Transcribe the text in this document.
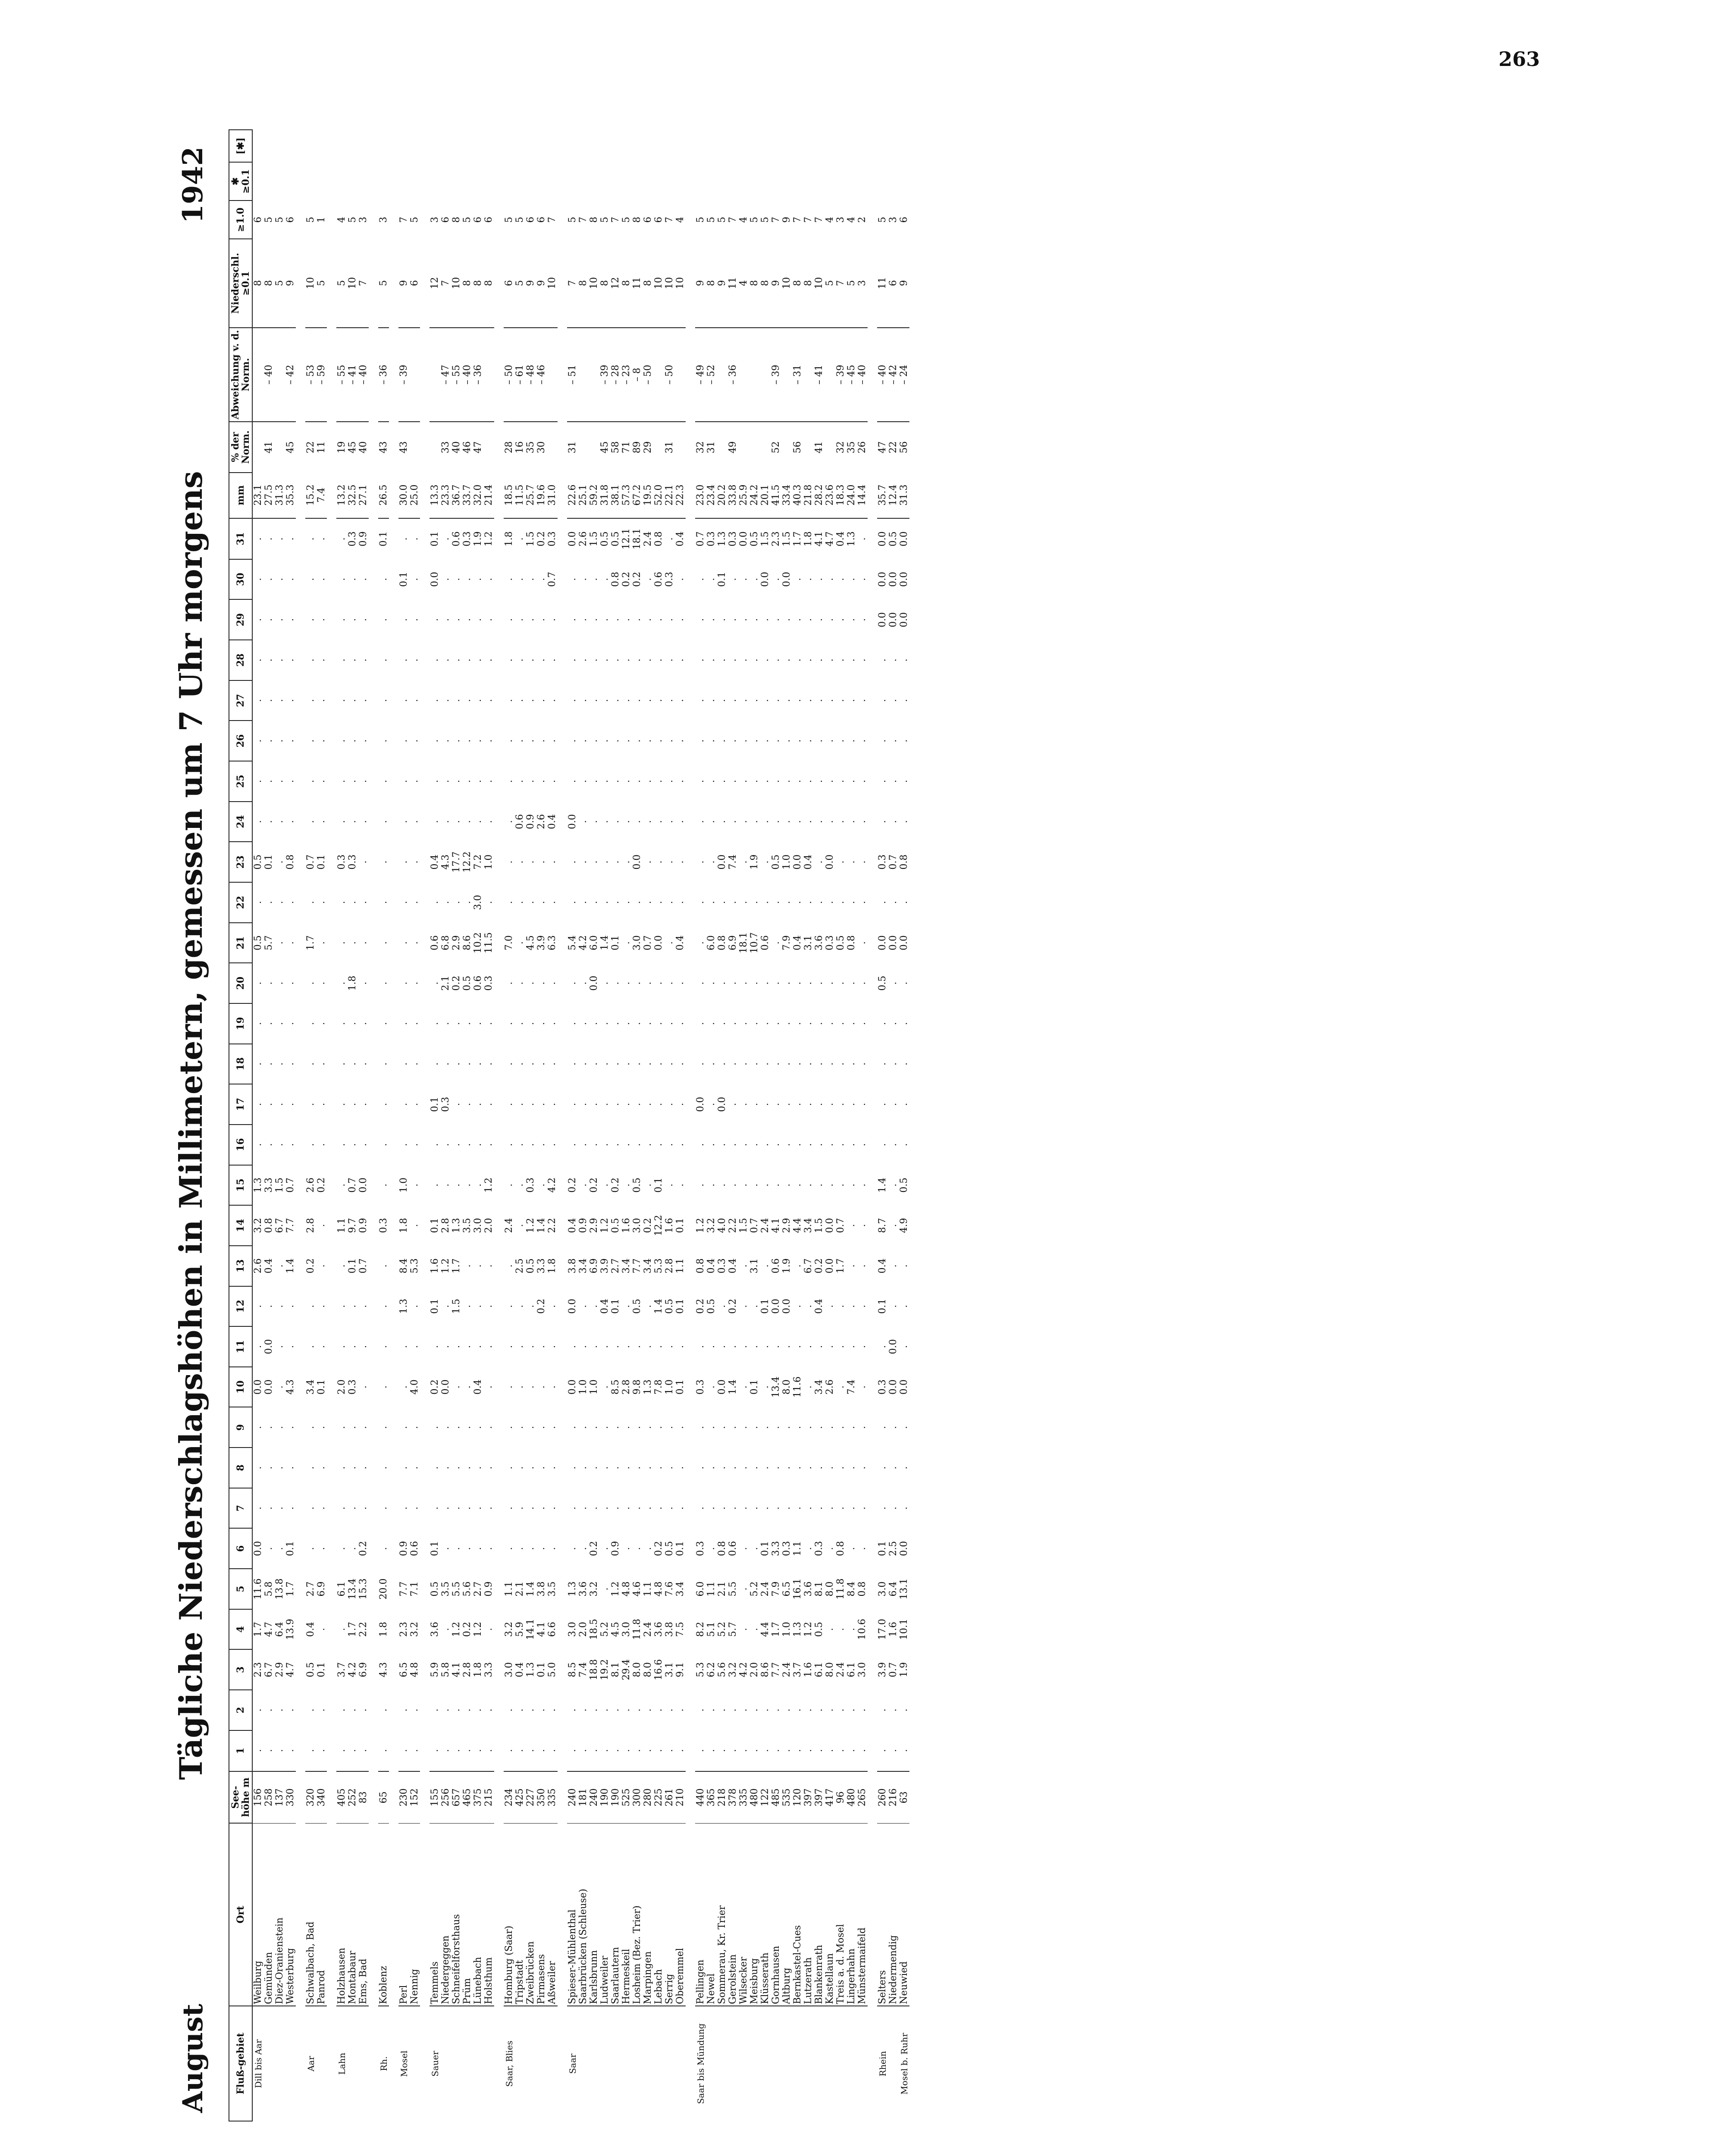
263
August
Tägliche Niederschlagshöhen in Millimetern, gemessen um 7 Uhr morgens
1942
Fluß-gebiet	Ort	See-höhe m	1	2	3	4	5	6	7	8	9	10	11	12	13	14	15	16	17	18	19	20	21	22	23	24	25	26	27	28	29	30	31	mm	% der Norm.	Abweichung v. d. Norm.	Niederschl. ≥0.1	≥1.0	✱ ≥0.1	[✱]
Dill bis Aar	Weilburg	156	.	.	2.3	1.7	11.6	0.0	.	.	.	0.0	.	.	2.6	3.2	1.3	.	.	.	.	.	0.5	.	0.5	.	.	.	.	.	.	.	.	23.1			8	6		
	Gemünden	258	.	.	6.7	4.7	5.8	.	.	.	.	0.0	0.0	.	0.4	0.8	3.3	.	.	.	.	.	5.7	.	0.1	.	.	.	.	.	.	.	.	27.5	41	– 40	8	5		
	Diez-Oranienstein	137	.	.	2.9	6.4	13.8	.	.	.	.	.	.	.	.	6.7	1.5	.	.	.	.	.	.	.	.	.	.	.	.	.	.	.	.	31.3			5	5		
	Westerburg	330	.	.	4.7	13.9	1.7	0.1	.	.	.	4.3	.	.	1.4	7.7	0.7	.	.	.	.	.	.	.	0.8	.	.	.	.	.	.	.	.	35.3	45	– 42	9	6		

Aar	Schwalbach, Bad	320	.	.	0.5	0.4	2.7	.	.	.	.	3.4	.	.	0.2	2.8	2.6	.	.	.	.	.	1.7	.	0.7	.	.	.	.	.	.	.	.	15.2	22	– 53	10	5		
	Panrod	340	.	.	0.1	.	6.9	.	.	.	.	0.1	.	.	.	.	0.2	.	.	.	.	.	.	.	0.1	.	.	.	.	.	.	.	.	7.4	11	– 59	5	1		

Lahn	Holzhausen	405	.	.	3.7	.	6.1	.	.	.	.	2.0	.	.	.	1.1	.	.	.	.	.	.	.	.	0.3	.	.	.	.	.	.	.	.	13.2	19	– 55	5	4		
	Montabaur	252	.	.	4.2	1.7	13.4	.	.	.	.	0.3	.	.	0.1	9.7	0.7	.	.	.	.	1.8	.	.	0.3	.	.	.	.	.	.	.	0.3	32.5	45	– 41	10	5		
	Ems, Bad	83	.	.	6.9	2.2	15.3	0.2	.	.	.	.	.	.	0.7	0.9	0.0	.	.	.	.	.	.	.	.	.	.	.	.	.	.	.	0.9	27.1	40	– 40	7	3		

Rh.	Koblenz	65	.	.	4.3	1.8	20.0	.	.	.	.	.	.	.	.	0.3	.	.	.	.	.	.	.	.	.	.	.	.	.	.	.	.	0.1	26.5	43	– 36	5	3		

Mosel	Perl	230	.	.	6.5	2.3	7.7	0.9	.	.	.	.	.	1.3	8.4	1.8	1.0	.	.	.	.	.	.	.	.	.	.	.	.	.	.	0.1	.	30.0	43	– 39	9	7		
	Nennig	152	.	.	4.8	3.2	7.1	0.6	.	.	.	4.0	.	.	5.3	.	.	.	.	.	.	.	.	.	.	.	.	.	.	.	.	.	.	25.0			6	5		

Sauer	Temmels	155	.	.	5.9	3.6	0.5	0.1	.	.	.	0.2	.	0.1	1.6	0.1	.	.	0.1	.	.	.	0.6	.	0.4	.	.	.	.	.	.	0.0	0.1	13.3			12	3		
	Niedergeggen	256	.	.	5.8	.	3.5	.	.	.	.	0.0	.	.	1.2	2.8	.	.	0.3	.	.	2.1	6.8	.	4.3	.	.	.	.	.	.	.	.	23.3	33	– 47	7	6		
	Schneifelforsthaus	657	.	.	4.1	1.2	5.5	.	.	.	.	.	.	1.5	1.7	1.3	.	.	.	.	.	0.2	2.9	.	17.7	.	.	.	.	.	.	.	0.6	36.7	40	– 55	10	8		
	Prüm	465	.	.	2.8	0.2	5.6	.	.	.	.	.	.	.	.	3.5	.	.	.	.	.	0.5	8.6	.	12.2	.	.	.	.	.	.	.	0.3	33.7	46	– 40	8	5		
	Lünebach	375	.	.	1.8	1.2	2.7	.	.	.	.	0.4	.	.	.	3.0	.	.	.	.	.	0.6	10.2	3.0	7.2	.	.	.	.	.	.	.	1.9	32.0	47	– 36	8	6		
	Holsthum	215	.	.	3.3	.	0.9	.	.	.	.	.	.	.	.	2.0	1.2	.	.	.	.	0.3	11.5	.	1.0	.	.	.	.	.	.	.	1.2	21.4			8	6		

Saar, Blies	Homburg (Saar)	234	.	.	3.0	3.2	1.1	.	.	.	.	.	.	.	.	2.4	.	.	.	.	.	.	7.0	.	.	.	.	.	.	.	.	.	1.8	18.5	28	– 50	6	5		
	Tripstadt	425	.	.	0.4	5.9	2.1	.	.	.	.	.	.	.	2.5	.	.	.	.	.	.	.	.	.	.	0.6	.	.	.	.	.	.	.	11.5	16	– 61	5	5		
	Zweibrücken	227	.	.	1.3	14.1	1.4	.	.	.	.	.	.	.	0.5	1.2	0.3	.	.	.	.	.	4.5	.	.	0.9	.	.	.	.	.	.	1.5	25.7	35	– 48	9	6		
	Pirmasens	350	.	.	0.1	4.1	3.8	.	.	.	.	.	.	0.2	3.3	1.4	.	.	.	.	.	.	3.9	.	.	2.6	.	.	.	.	.	.	0.2	19.6	30	– 46	9	6		
	Aßweiler	335	.	.	5.0	6.6	3.5	.	.	.	.	.	.	.	1.8	2.2	4.2	.	.	.	.	.	6.3	.	.	0.4	.	.	.	.	.	0.7	0.3	31.0			10	7		

Saar	Spieser-Mühlenthal	240	.	.	8.5	3.0	1.3	.	.	.	.	0.0	.	0.0	3.8	0.4	0.2	.	.	.	.	.	5.4	.	.	0.0	.	.	.	.	.	.	0.0	22.6	31	– 51	7	5		
	Saarbrücken (Schleuse)	181	.	.	7.4	2.0	3.6	.	.	.	.	1.0	.	.	3.4	0.9	.	.	.	.	.	.	4.2	.	.	.	.	.	.	.	.	.	2.6	25.1			8	7		
	Karlsbrunn	240	.	.	18.8	18.5	3.2	0.2	.	.	.	1.0	.	.	6.9	2.9	0.2	.	.	.	.	0.0	6.0	.	.	.	.	.	.	.	.	.	1.5	59.2			10	8		
	Ludweiler	190	.	.	19.2	5.2	.	.	.	.	.	.	.	0.4	3.9	1.2	.	.	.	.	.	.	1.4	.	.	.	.	.	.	.	.	.	0.5	31.8	45	– 39	8	5		
	Saarlautern	190	.	.	8.1	4.5	1.2	0.9	.	.	.	8.5	.	0.1	2.7	0.5	0.2	.	.	.	.	.	0.1	.	.	.	.	.	.	.	.	0.8	0.5	38.1	58	– 28	12	7		
	Hermeskeil	525	.	.	29.4	3.0	4.8	.	.	.	.	2.8	.	.	3.4	1.6	.	.	.	.	.	.	.	.	.	.	.	.	.	.	.	0.2	12.1	57.3	71	– 23	8	5		
	Losheim (Bez. Trier)	300	.	.	8.0	11.8	4.6	.	.	.	.	9.8	.	0.5	7.7	3.0	0.5	.	.	.	.	.	3.0	.	0.0	.	.	.	.	.	.	0.2	18.1	67.2	89	– 8	11	8		
	Marpingen	280	.	.	8.0	2.4	1.1	.	.	.	.	1.3	.	.	3.4	0.2	.	.	.	.	.	.	0.7	.	.	.	.	.	.	.	.	.	2.4	19.5	29	– 50	8	6		
	Lebach	225	.	.	16.6	3.6	4.8	0.2	.	.	.	7.8	.	1.4	5.3	12.2	0.1	.	.	.	.	.	0.0	.	.	.	.	.	.	.	.	0.6	0.8	52.0			10	6		
	Serrig	261	.	.	3.1	3.8	7.6	0.5	.	.	.	1.0	.	0.5	2.8	1.6	.	.	.	.	.	.	.	.	.	.	.	.	.	.	.	0.3	.	22.1	31	– 50	10	7		
	Oberemmel	210	.	.	9.1	7.5	3.4	0.1	.	.	.	0.1	.	0.1	1.1	0.1	.	.	.	.	.	.	0.4	.	.	.	.	.	.	.	.	.	0.4	22.3			10	4		

Saar bis Mündung	Pellingen	440	.	.	5.3	8.2	6.0	0.3	.	.	.	0.3	.	0.2	0.8	1.2	.	.	0.0	.	.	.	.	.	.	.	.	.	.	.	.	.	0.7	23.0	32	– 49	9	5		
	Newel	365	.	.	6.2	5.1	1.1	.	.	.	.	.	.	0.5	0.4	3.2	.	.	.	.	.	.	6.0	.	.	.	.	.	.	.	.	.	0.3	23.4	31	– 52	8	5		
	Sommerau, Kr. Trier	218	.	.	5.6	5.2	2.1	0.8	.	.	.	0.0	.	.	0.3	4.0	.	.	0.0	.	.	.	0.8	.	0.0	.	.	.	.	.	.	0.1	1.3	20.2			9	5		
	Gerolstein	378	.	.	3.2	5.7	5.5	0.6	.	.	.	1.4	.	0.2	0.4	2.2	.	.	.	.	.	.	6.9	.	7.4	.	.	.	.	.	.	.	0.3	33.8	49	– 36	11	7		
	Wilsecker	335	.	.	4.2	.	.	.	.	.	.	.	.	.	.	1.5	.	.	.	.	.	.	18.1	.	.	.	.	.	.	.	.	.	0.0	25.9			4	4		
	Meisburg	480	.	.	2.0	.	5.2	.	.	.	.	0.1	.	.	3.1	0.7	.	.	.	.	.	.	10.7	.	1.9	.	.	.	.	.	.	.	0.5	24.2			8	5		
	Klüsserath	122	.	.	8.6	4.4	2.4	0.1	.	.	.	.	.	0.1	.	2.4	.	.	.	.	.	.	0.6	.	.	.	.	.	.	.	.	0.0	1.5	20.1			8	5		
	Gornhausen	485	.	.	7.7	1.7	7.9	3.3	.	.	.	13.4	.	0.0	0.6	4.1	.	.	.	.	.	.	.	.	0.5	.	.	.	.	.	.	.	2.3	41.5	52	– 39	9	7		
	Altburg	535	.	.	2.4	1.0	6.5	0.3	.	.	.	8.0	.	0.0	1.9	2.9	.	.	.	.	.	.	7.9	.	1.0	.	.	.	.	.	.	0.0	1.5	33.4			10	9		
	Bernkastel-Cues	120	.	.	3.7	1.3	16.1	1.1	.	.	.	11.6	.	.	.	4.4	.	.	.	.	.	.	0.4	.	0.0	.	.	.	.	.	.	.	1.7	40.3	56	– 31	8	7		
	Lutzerath	397	.	.	1.6	1.2	3.6	.	.	.	.	.	.	.	6.7	3.4	.	.	.	.	.	.	3.1	.	0.4	.	.	.	.	.	.	.	1.8	21.8			8	7		
	Blankenrath	397	.	.	6.1	0.5	8.1	0.3	.	.	.	3.4	.	0.4	0.2	1.5	.	.	.	.	.	.	3.6	.	.	.	.	.	.	.	.	.	4.1	28.2	41	– 41	10	7		
	Kastellaun	417	.	.	8.0	.	8.0	.	.	.	.	2.6	.	.	0.0	0.0	.	.	.	.	.	.	0.3	.	0.0	.	.	.	.	.	.	.	4.7	23.6			5	4		
	Treis a. d. Mosel	96	.	.	2.4	.	11.8	0.8	.	.	.	.	.	.	1.7	0.7	.	.	.	.	.	.	0.5	.	.	.	.	.	.	.	.	.	0.4	18.3	32	– 39	7	3		
	Lingerhahn	480	.	.	6.1	.	8.4	.	.	.	.	7.4	.	.	.	.	.	.	.	.	.	.	0.8	.	.	.	.	.	.	.	.	.	1.3	24.0	35	– 45	5	4		
	Münstermaifeld	265	.	.	3.0	10.6	0.8	.	.	.	.	.	.	.	.	.	.	.	.	.	.	.	.	.	.	.	.	.	.	.	.	.	.	14.4	26	– 40	3	2		

Rhein	Selters	260	.	.	3.9	17.0	3.0	0.1	.	.	.	0.3	.	0.1	0.4	8.7	1.4	.	.	.	.	0.5	0.0	.	0.3	.	.	.	.	.	0.0	0.0	0.0	35.7	47	– 40	11	5		
	Niedermendig	216	.	.	0.7	1.6	6.4	2.5	.	.	.	0.0	0.0	.	.	.	.	.	.	.	.	.	0.0	.	0.7	.	.	.	.	.	0.0	0.0	0.5	12.4	22	– 42	6	3		
Mosel b. Ruhr	Neuwied	63	.	.	1.9	10.1	13.1	0.0	.	.	.	0.0	.	.	.	4.9	0.5	.	.	.	.	.	0.0	.	0.8	.	.	.	.	.	0.0	0.0	0.0	31.3	56	– 24	9	6		
